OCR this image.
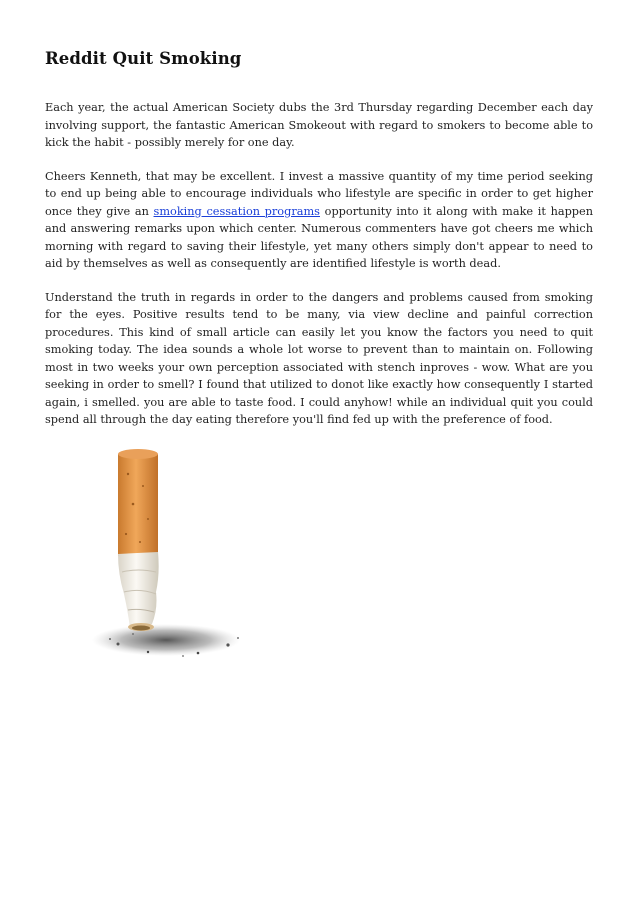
Reddit Quit Smoking

Each year, the actual American Society dubs the 3rd Thursday regarding December each day involving support, the fantastic American Smokeout with regard to smokers to become able to kick the habit - possibly merely for one day.

Cheers Kenneth, that may be excellent. I invest a massive quantity of my time period seeking to end up being able to encourage individuals who lifestyle are specific in order to get higher once they give an smoking cessation programs opportunity into it along with make it happen and answering remarks upon which center. Numerous commenters have got cheers me which morning with regard to saving their lifestyle, yet many others simply don't appear to need to aid by themselves as well as consequently are identified lifestyle is worth dead.

Understand the truth in regards in order to the dangers and problems caused from smoking for the eyes. Positive results tend to be many, via view decline and painful correction procedures. This kind of small article can easily let you know the factors you need to quit smoking today. The idea sounds a whole lot worse to prevent than to maintain on. Following most in two weeks your own perception associated with stench inproves - wow. What are you seeking in order to smell? I found that utilized to donot like exactly how consequently I started again, i smelled. you are able to taste food. I could anyhow! while an individual quit you could spend all through the day eating therefore you'll find fed up with the preference of food.
